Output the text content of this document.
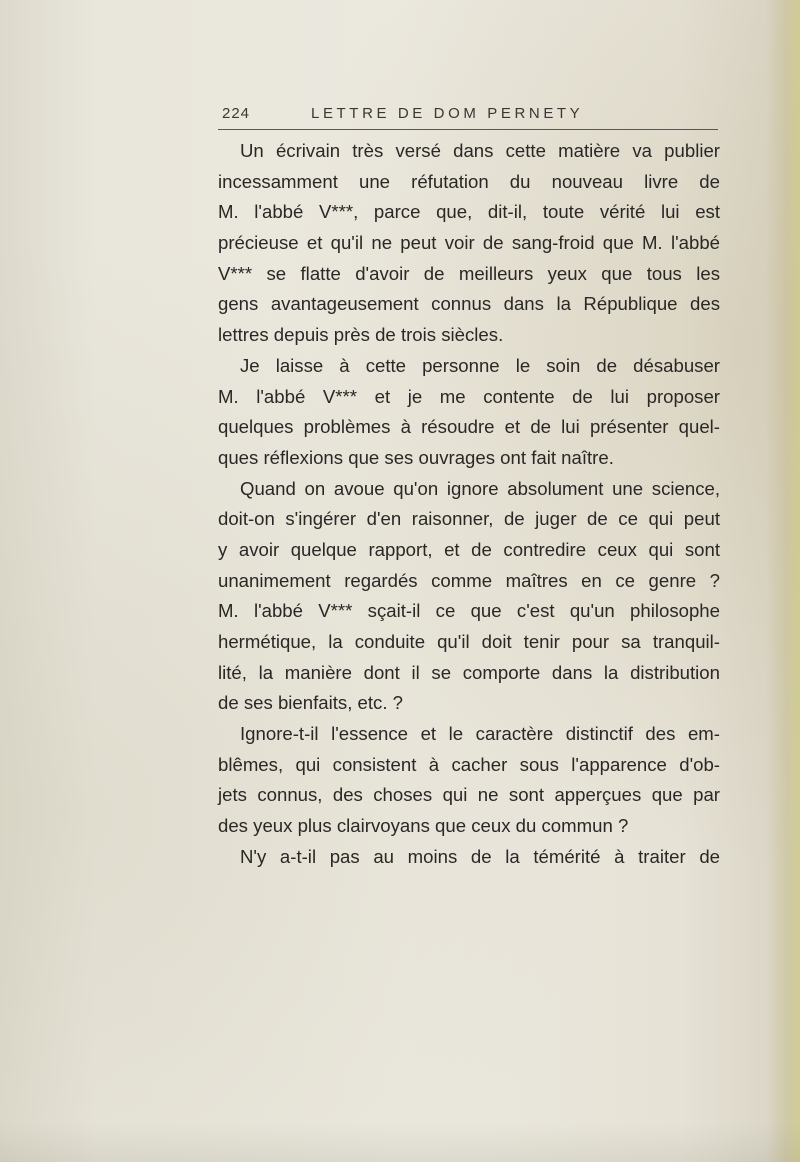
224	LETTRE DE DOM PERNETY
Un écrivain très versé dans cette matière va publier
incessamment une réfutation du nouveau livre de
M. l'abbé V***, parce que, dit-il, toute vérité lui est
précieuse et qu'il ne peut voir de sang-froid que M. l'abbé
V*** se flatte d'avoir de meilleurs yeux que tous les
gens avantageusement connus dans la République des
lettres depuis près de trois siècles.
Je laisse à cette personne le soin de désabuser
M. l'abbé V*** et je me contente de lui proposer
quelques problèmes à résoudre et de lui présenter quel-
ques réflexions que ses ouvrages ont fait naître.
Quand on avoue qu'on ignore absolument une science,
doit-on s'ingérer d'en raisonner, de juger de ce qui peut
y avoir quelque rapport, et de contredire ceux qui sont
unanimement regardés comme maîtres en ce genre ?
M. l'abbé V*** sçait-il ce que c'est qu'un philosophe
hermétique, la conduite qu'il doit tenir pour sa tranquil-
lité, la manière dont il se comporte dans la distribution
de ses bienfaits, etc. ?
Ignore-t-il l'essence et le caractère distinctif des em-
blêmes, qui consistent à cacher sous l'apparence d'ob-
jets connus, des choses qui ne sont apperçues que par
des yeux plus clairvoyans que ceux du commun ?
N'y a-t-il pas au moins de la témérité à traiter de
